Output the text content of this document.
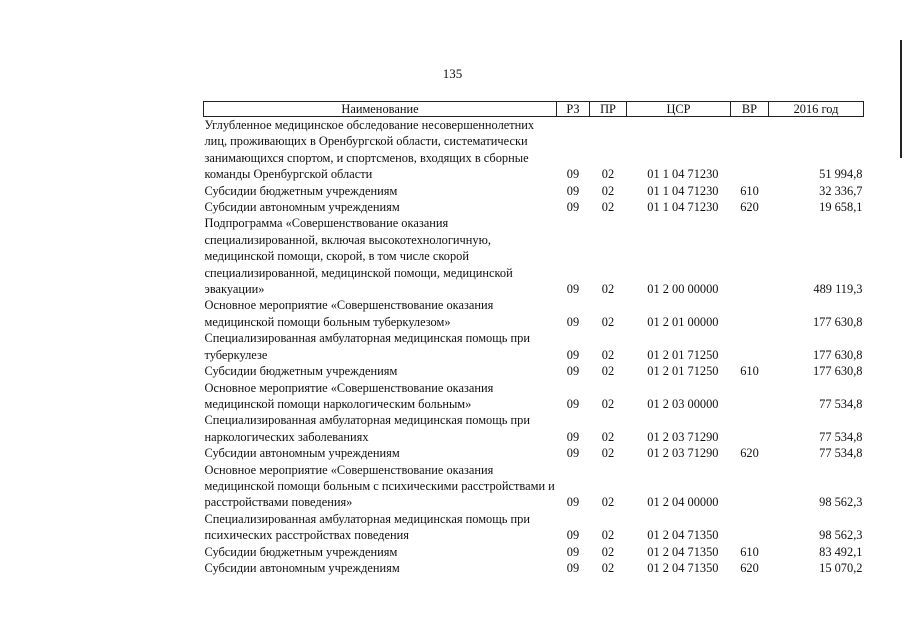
135
Наименование	РЗ	ПР	ЦСР	ВР	2016 год
Углубленное медицинское обследование несовершеннолетних лиц, проживающих в Оренбургской области, систематически занимающихся спортом, и спортсменов, входящих в сборные команды Оренбургской области	09	02	01 1 04 71230		51 994,8
Субсидии бюджетным учреждениям	09	02	01 1 04 71230	610	32 336,7
Субсидии автономным учреждениям	09	02	01 1 04 71230	620	19 658,1
Подпрограмма «Совершенствование оказания специализированной, включая высокотехнологичную, медицинской помощи, скорой, в том числе скорой специализированной, медицинской помощи, медицинской эвакуации»	09	02	01 2 00 00000		489 119,3
Основное мероприятие «Совершенствование оказания медицинской помощи больным туберкулезом»	09	02	01 2 01 00000		177 630,8
Специализированная амбулаторная медицинская помощь при туберкулезе	09	02	01 2 01 71250		177 630,8
Субсидии бюджетным учреждениям	09	02	01 2 01 71250	610	177 630,8
Основное мероприятие «Совершенствование оказания медицинской помощи наркологическим больным»	09	02	01 2 03 00000		77 534,8
Специализированная амбулаторная медицинская помощь при наркологических заболеваниях	09	02	01 2 03 71290		77 534,8
Субсидии автономным учреждениям	09	02	01 2 03 71290	620	77 534,8
Основное мероприятие «Совершенствование оказания медицинской помощи больным с психическими расстройствами и расстройствами поведения»	09	02	01 2 04 00000		98 562,3
Специализированная амбулаторная медицинская помощь при психических расстройствах поведения	09	02	01 2 04 71350		98 562,3
Субсидии бюджетным учреждениям	09	02	01 2 04 71350	610	83 492,1
Субсидии автономным учреждениям	09	02	01 2 04 71350	620	15 070,2
